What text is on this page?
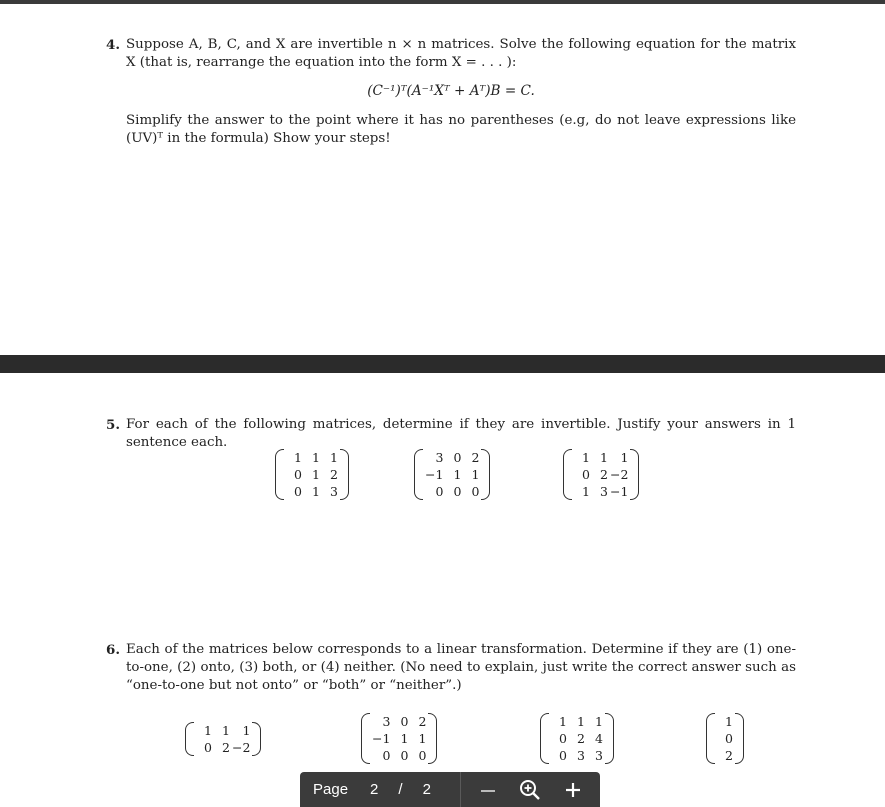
4. Suppose A, B, C, and X are invertible n × n matrices. Solve the following equation for the matrix X (that is, rearrange the equation into the form X = . . . ):
(C⁻¹)ᵀ(A⁻¹Xᵀ + Aᵀ)B = C.
Simplify the answer to the point where it has no parentheses (e.g, do not leave expressions like (UV)ᵀ in the formula) Show your steps!
5. For each of the following matrices, determine if they are invertible. Justify your answers in 1 sentence each.
1 1 1
0 1 2
0 1 3
3 0 2
−1 1 1
0 0 0
1 1 1
0 2 −2
1 3 −1
6. Each of the matrices below corresponds to a linear transformation. Determine if they are (1) one-to-one, (2) onto, (3) both, or (4) neither. (No need to explain, just write the correct answer such as “one-to-one but not onto” or “both” or “neither”.)
1 1 1
0 2 −2
3 0 2
−1 1 1
0 0 0
1 1 1
0 2 4
0 3 3
1
0
2
Page 2 / 2
